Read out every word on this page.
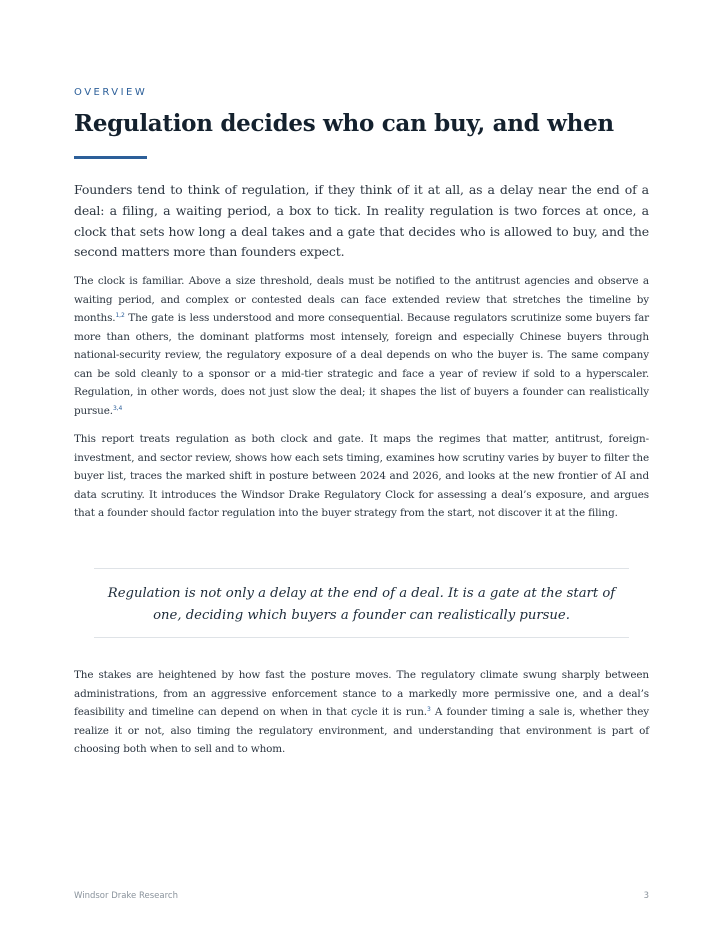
OVERVIEW
Regulation decides who can buy, and when

Founders tend to think of regulation, if they think of it at all, as a delay near the end of a deal: a filing, a waiting period, a box to tick. In reality regulation is two forces at once, a clock that sets how long a deal takes and a gate that decides who is allowed to buy, and the second matters more than founders expect.

The clock is familiar. Above a size threshold, deals must be notified to the antitrust agencies and observe a waiting period, and complex or contested deals can face extended review that stretches the timeline by months.$^{1,2}$ The gate is less understood and more consequential. Because regulators scrutinize some buyers far more than others, the dominant platforms most intensely, foreign and especially Chinese buyers through national-security review, the regulatory exposure of a deal depends on who the buyer is. The same company can be sold cleanly to a sponsor or a mid-tier strategic and face a year of review if sold to a hyperscaler. Regulation, in other words, does not just slow the deal; it shapes the list of buyers a founder can realistically pursue.$^{3,4}$

This report treats regulation as both clock and gate. It maps the regimes that matter, antitrust, foreign-investment, and sector review, shows how each sets timing, examines how scrutiny varies by buyer to filter the buyer list, traces the marked shift in posture between 2024 and 2026, and looks at the new frontier of AI and data scrutiny. It introduces the Windsor Drake Regulatory Clock for assessing a deal’s exposure, and argues that a founder should factor regulation into the buyer strategy from the start, not discover it at the filing.

Regulation is not only a delay at the end of a deal. It is a gate at the start of one, deciding which buyers a founder can realistically pursue.

The stakes are heightened by how fast the posture moves. The regulatory climate swung sharply between administrations, from an aggressive enforcement stance to a markedly more permissive one, and a deal’s feasibility and timeline can depend on when in that cycle it is run.$^3$ A founder timing a sale is, whether they realize it or not, also timing the regulatory environment, and understanding that environment is part of choosing both when to sell and to whom.

Windsor Drake Research	3
